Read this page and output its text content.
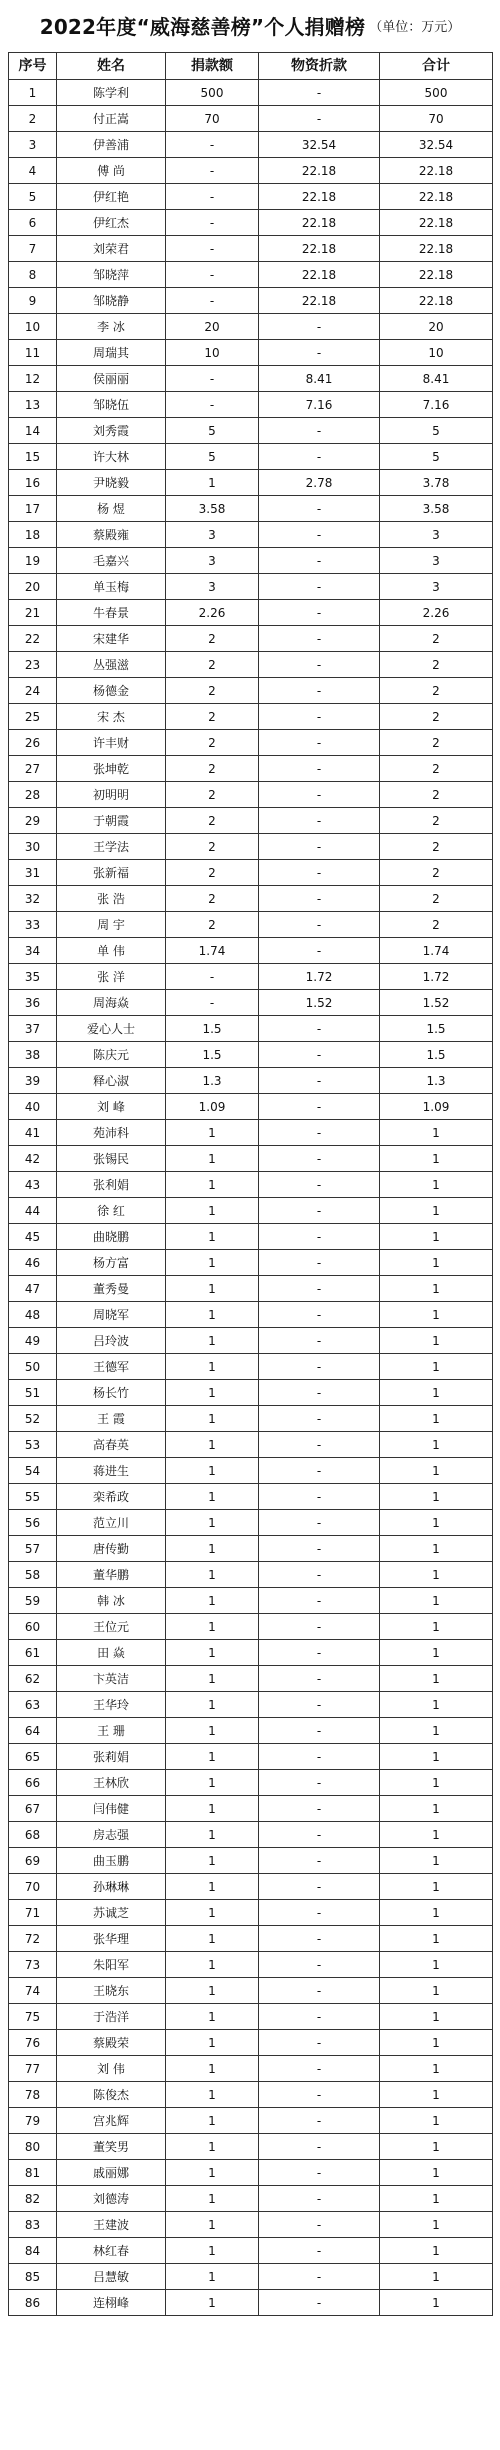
2022年度“威海慈善榜”个人捐赠榜 （单位：万元）
序号	姓名	捐款额	物资折款	合计
1	陈学利	500	-	500
2	付正嵩	70	-	70
3	伊善浦	-	32.54	32.54
4	傅 尚	-	22.18	22.18
5	伊红艳	-	22.18	22.18
6	伊红杰	-	22.18	22.18
7	刘荣君	-	22.18	22.18
8	邹晓萍	-	22.18	22.18
9	邹晓静	-	22.18	22.18
10	李 冰	20	-	20
11	周瑞其	10	-	10
12	侯丽丽	-	8.41	8.41
13	邹晓伍	-	7.16	7.16
14	刘秀霞	5	-	5
15	许大林	5	-	5
16	尹晓毅	1	2.78	3.78
17	杨 煜	3.58	-	3.58
18	蔡殿雍	3	-	3
19	毛嘉兴	3	-	3
20	单玉梅	3	-	3
21	牛春景	2.26	-	2.26
22	宋建华	2	-	2
23	丛强滋	2	-	2
24	杨德金	2	-	2
25	宋 杰	2	-	2
26	许丰财	2	-	2
27	张坤乾	2	-	2
28	初明明	2	-	2
29	于朝霞	2	-	2
30	王学法	2	-	2
31	张新福	2	-	2
32	张 浩	2	-	2
33	周 宇	2	-	2
34	单 伟	1.74	-	1.74
35	张 洋	-	1.72	1.72
36	周海焱	-	1.52	1.52
37	爱心人士	1.5	-	1.5
38	陈庆元	1.5	-	1.5
39	释心淑	1.3	-	1.3
40	刘 峰	1.09	-	1.09
41	苑沛科	1	-	1
42	张锡民	1	-	1
43	张利娟	1	-	1
44	徐 红	1	-	1
45	曲晓鹏	1	-	1
46	杨方富	1	-	1
47	董秀曼	1	-	1
48	周晓军	1	-	1
49	吕玲波	1	-	1
50	王德军	1	-	1
51	杨长竹	1	-	1
52	王 霞	1	-	1
53	高春英	1	-	1
54	蒋进生	1	-	1
55	栾希政	1	-	1
56	范立川	1	-	1
57	唐传勤	1	-	1
58	董华鹏	1	-	1
59	韩 冰	1	-	1
60	王位元	1	-	1
61	田 焱	1	-	1
62	卞英洁	1	-	1
63	王华玲	1	-	1
64	王 珊	1	-	1
65	张莉娟	1	-	1
66	王林欣	1	-	1
67	闫伟健	1	-	1
68	房志强	1	-	1
69	曲玉鹏	1	-	1
70	孙琳琳	1	-	1
71	苏诚芝	1	-	1
72	张华理	1	-	1
73	朱阳军	1	-	1
74	王晓东	1	-	1
75	于浩洋	1	-	1
76	蔡殿荣	1	-	1
77	刘 伟	1	-	1
78	陈俊杰	1	-	1
79	宫兆辉	1	-	1
80	董笑男	1	-	1
81	戚丽娜	1	-	1
82	刘德涛	1	-	1
83	王建波	1	-	1
84	林红春	1	-	1
85	吕慧敏	1	-	1
86	连栩峰	1	-	1
